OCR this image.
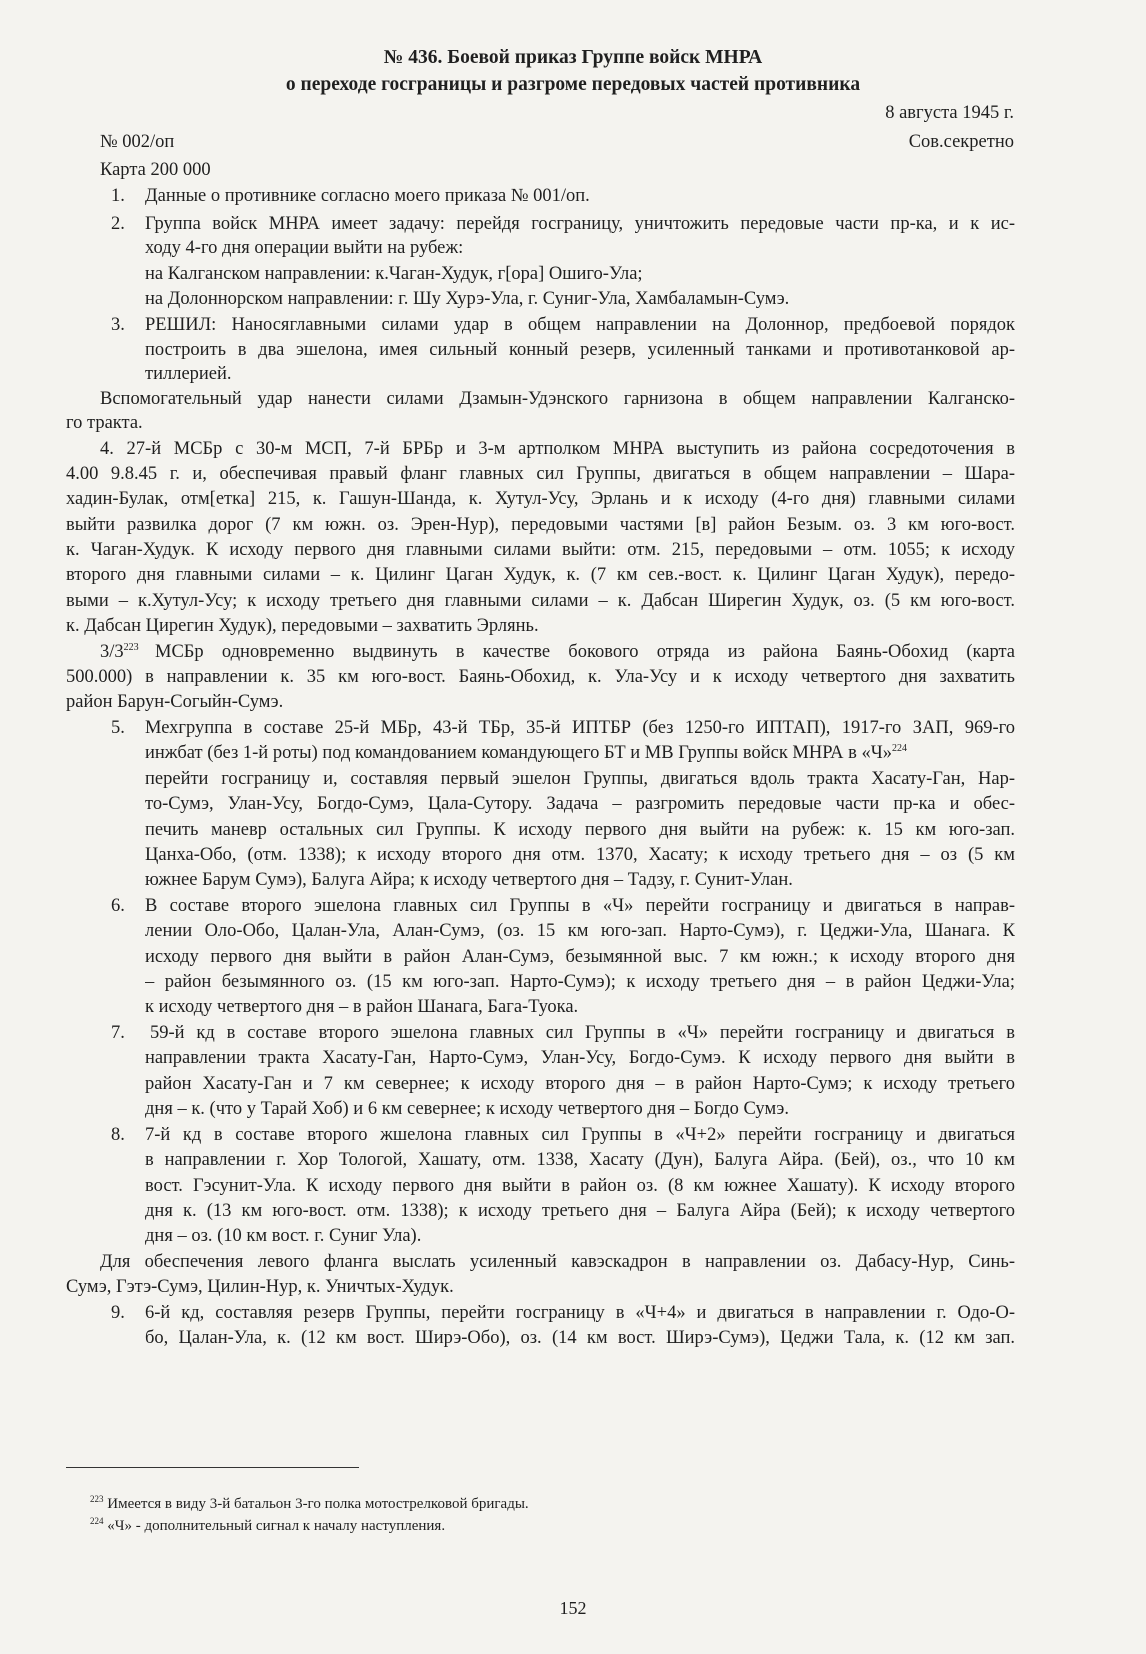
№ 436. Боевой приказ Группе войск МНРА
о переходе госграницы и разгроме передовых частей противника
8 августа 1945 г.
№ 002/оп	Сов.секретно
Карта 200 000
1. Данные о противнике согласно моего приказа № 001/оп.
2. Группа войск МНРА имеет задачу: перейдя госграницу, уничтожить передовые части пр-ка, и к ис-
ходу 4-го дня операции выйти на рубеж:
на Калганском направлении: к.Чаган-Худук, г[ора] Ошиго-Ула;
на Долоннорском направлении: г. Шу Хурэ-Ула, г. Суниг-Ула, Хамбаламын-Сумэ.
3. РЕШИЛ: Наносяглавными силами удар в общем направлении на Долоннор, предбоевой порядок
построить в два эшелона, имея сильный конный резерв, усиленный танками и противотанковой ар-
тиллерией.
Вспомогательный удар нанести силами Дзамын-Удэнского гарнизона в общем направлении Калганско-
го тракта.
4. 27-й МСБр с 30-м МСП, 7-й БРБр и 3-м артполком МНРА выступить из района сосредоточения в
4.00 9.8.45 г. и, обеспечивая правый фланг главных сил Группы, двигаться в общем направлении – Шара-
хадин-Булак, отм[етка] 215, к. Гашун-Шанда, к. Хутул-Усу, Эрлань и к исходу (4-го дня) главными силами
выйти развилка дорог (7 км южн. оз. Эрен-Нур), передовыми частями [в] район Безым. оз. 3 км юго-вост.
к. Чаган-Худук. К исходу первого дня главными силами выйти: отм. 215, передовыми – отм. 1055; к исходу
второго дня главными силами – к. Цилинг Цаган Худук, к. (7 км сев.-вост. к. Цилинг Цаган Худук), передо-
выми – к.Хутул-Усу; к исходу третьего дня главными силами – к. Дабсан Ширегин Худук, оз. (5 км юго-вост.
к. Дабсан Цирегин Худук), передовыми – захватить Эрлянь.
3/3$^{223}$ МСБр одновременно выдвинуть в качестве бокового отряда из района Баянь-Обохид (карта
500.000) в направлении к. 35 км юго-вост. Баянь-Обохид, к. Ула-Усу и к исходу четвертого дня захватить
район Барун-Согыйн-Сумэ.
5. Мехгруппа в составе 25-й МБр, 43-й ТБр, 35-й ИПТБР (без 1250-го ИПТАП), 1917-го ЗАП, 969-го
инжбат (без 1-й роты) под командованием командующего БТ и МВ Группы войск МНРА в «Ч»$^{224}$
перейти госграницу и, составляя первый эшелон Группы, двигаться вдоль тракта Хасату-Ган, Нар-
то-Сумэ, Улан-Усу, Богдо-Сумэ, Цала-Сутору. Задача – разгромить передовые части пр-ка и обес-
печить маневр остальных сил Группы. К исходу первого дня выйти на рубеж: к. 15 км юго-зап.
Цанха-Обо, (отм. 1338); к исходу второго дня отм. 1370, Хасату; к исходу третьего дня – оз (5 км
южнее Барум Сумэ), Балуга Айра; к исходу четвертого дня – Тадзу, г. Сунит-Улан.
6. В составе второго эшелона главных сил Группы в «Ч» перейти госграницу и двигаться в направ-
лении Оло-Обо, Цалан-Ула, Алан-Сумэ, (оз. 15 км юго-зап. Нарто-Сумэ), г. Цеджи-Ула, Шанага. К
исходу первого дня выйти в район Алан-Сумэ, безымянной выс. 7 км южн.; к исходу второго дня
– район безымянного оз. (15 км юго-зап. Нарто-Сумэ); к исходу третьего дня – в район Цеджи-Ула;
к исходу четвертого дня – в район Шанага, Бага-Туока.
7. 59-й кд в составе второго эшелона главных сил Группы в «Ч» перейти госграницу и двигаться в
направлении тракта Хасату-Ган, Нарто-Сумэ, Улан-Усу, Богдо-Сумэ. К исходу первого дня выйти в
район Хасату-Ган и 7 км севернее; к исходу второго дня – в район Нарто-Сумэ; к исходу третьего
дня – к. (что у Тарай Хоб) и 6 км севернее; к исходу четвертого дня – Богдо Сумэ.
8. 7-й кд в составе второго жшелона главных сил Группы в «Ч+2» перейти госграницу и двигаться
в направлении г. Хор Тологой, Хашату, отм. 1338, Хасату (Дун), Балуга Айра. (Бей), оз., что 10 км
вост. Гэсунит-Ула. К исходу первого дня выйти в район оз. (8 км южнее Хашату). К исходу второго
дня к. (13 км юго-вост. отм. 1338); к исходу третьего дня – Балуга Айра (Бей); к исходу четвертого
дня – оз. (10 км вост. г. Суниг Ула).
Для обеспечения левого фланга выслать усиленный кавэскадрон в направлении оз. Дабасу-Нур, Синь-
Сумэ, Гэтэ-Сумэ, Цилин-Нур, к. Уничтых-Худук.
9. 6-й кд, составляя резерв Группы, перейти госграницу в «Ч+4» и двигаться в направлении г. Одо-О-
бо, Цалан-Ула, к. (12 км вост. Ширэ-Обо), оз. (14 км вост. Ширэ-Сумэ), Цеджи Тала, к. (12 км зап.
$^{223}$ Имеется в виду 3-й батальон 3-го полка мотострелковой бригады.
$^{224}$ «Ч» - дополнительный сигнал к началу наступления.
152
